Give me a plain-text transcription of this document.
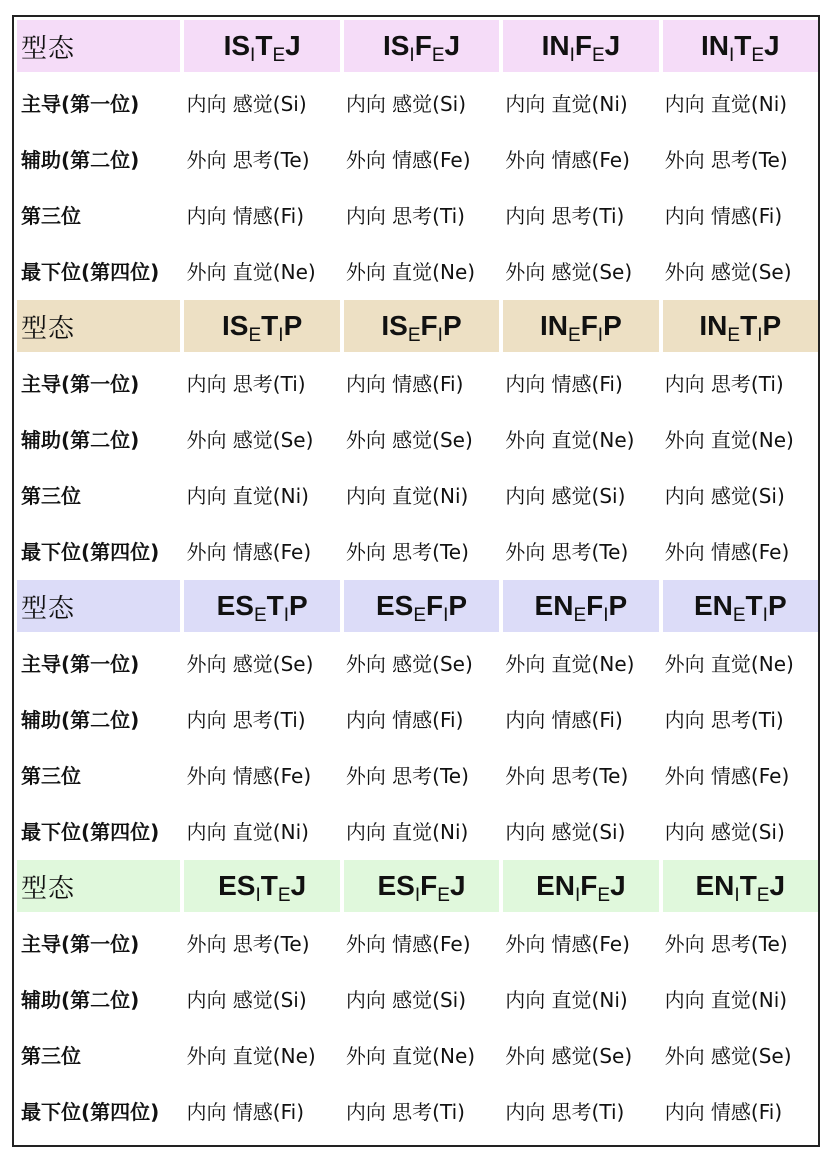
型态	$IS_IT_EJ$	$IS_IF_EJ$	$IN_IF_EJ$	$IN_IT_EJ$
主导(第一位)	内向 感觉(Si)	内向 感觉(Si)	内向 直觉(Ni)	内向 直觉(Ni)
辅助(第二位)	外向 思考(Te)	外向 情感(Fe)	外向 情感(Fe)	外向 思考(Te)
第三位	内向 情感(Fi)	内向 思考(Ti)	内向 思考(Ti)	内向 情感(Fi)
最下位(第四位)	外向 直觉(Ne)	外向 直觉(Ne)	外向 感觉(Se)	外向 感觉(Se)
型态	$IS_ET_IP$	$IS_EF_IP$	$IN_EF_IP$	$IN_ET_IP$
主导(第一位)	内向 思考(Ti)	内向 情感(Fi)	内向 情感(Fi)	内向 思考(Ti)
辅助(第二位)	外向 感觉(Se)	外向 感觉(Se)	外向 直觉(Ne)	外向 直觉(Ne)
第三位	内向 直觉(Ni)	内向 直觉(Ni)	内向 感觉(Si)	内向 感觉(Si)
最下位(第四位)	外向 情感(Fe)	外向 思考(Te)	外向 思考(Te)	外向 情感(Fe)
型态	$ES_ET_IP$	$ES_EF_IP$	$EN_EF_IP$	$EN_ET_IP$
主导(第一位)	外向 感觉(Se)	外向 感觉(Se)	外向 直觉(Ne)	外向 直觉(Ne)
辅助(第二位)	内向 思考(Ti)	内向 情感(Fi)	内向 情感(Fi)	内向 思考(Ti)
第三位	外向 情感(Fe)	外向 思考(Te)	外向 思考(Te)	外向 情感(Fe)
最下位(第四位)	内向 直觉(Ni)	内向 直觉(Ni)	内向 感觉(Si)	内向 感觉(Si)
型态	$ES_IT_EJ$	$ES_IF_EJ$	$EN_IF_EJ$	$EN_IT_EJ$
主导(第一位)	外向 思考(Te)	外向 情感(Fe)	外向 情感(Fe)	外向 思考(Te)
辅助(第二位)	内向 感觉(Si)	内向 感觉(Si)	内向 直觉(Ni)	内向 直觉(Ni)
第三位	外向 直觉(Ne)	外向 直觉(Ne)	外向 感觉(Se)	外向 感觉(Se)
最下位(第四位)	内向 情感(Fi)	内向 思考(Ti)	内向 思考(Ti)	内向 情感(Fi)
